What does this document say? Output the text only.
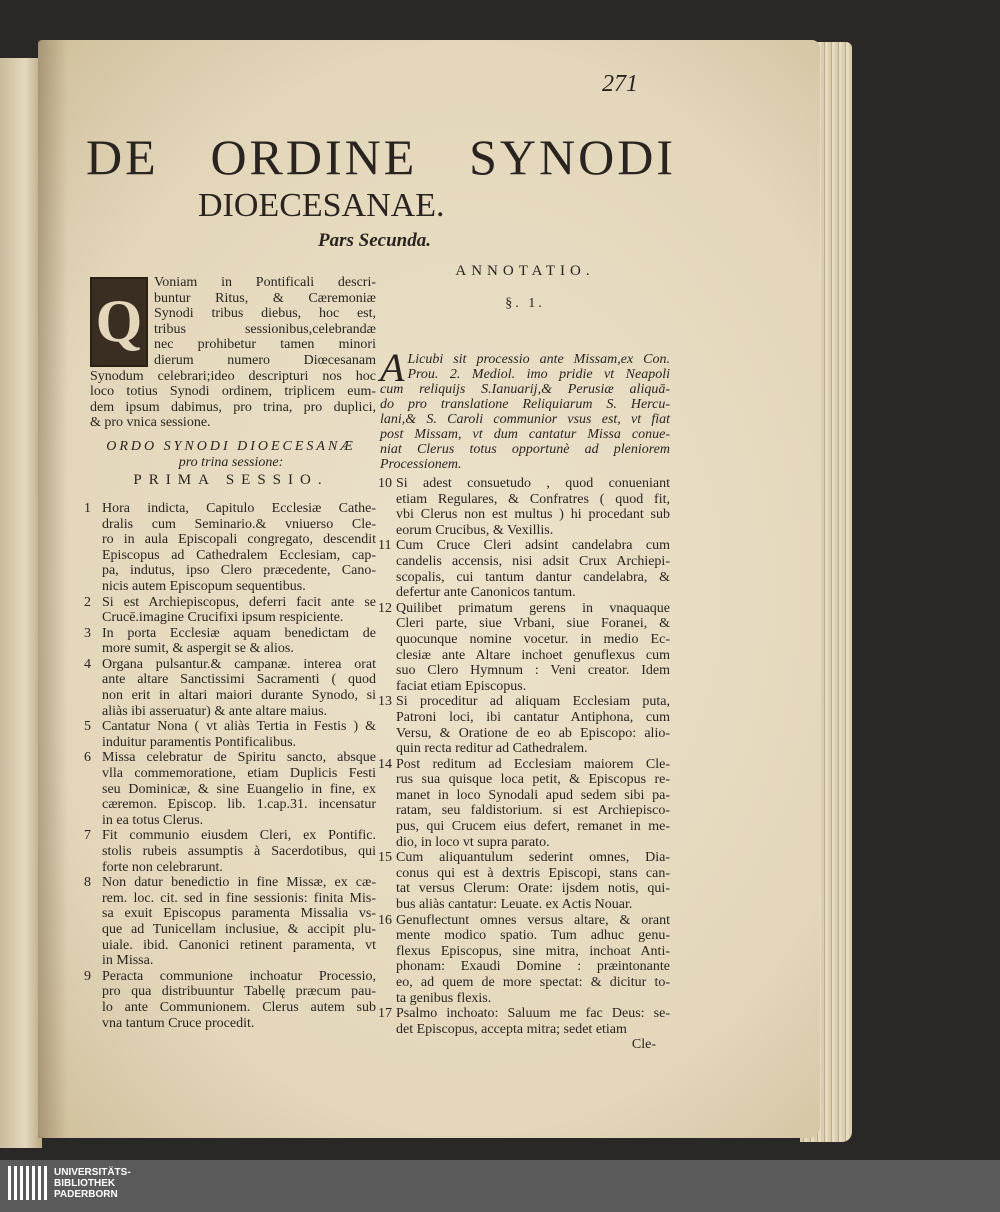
271
DE ORDINE SYNODI
DIOECESANAE.
Pars Secunda.
Q
Voniam in Pontificali descri-
buntur Ritus, & Cæremoniæ
Synodi tribus diebus, hoc est,
tribus sessionibus,celebrandæ
nec prohibetur tamen minori
dierum numero Diœcesanam
Synodum celebrari;ideo descripturi nos hoc
loco totius Synodi ordinem, triplicem eum-
dem ipsum dabimus, pro trina, pro duplici,
& pro vnica sessione.
ORDO SYNODI DIOECESANÆ
pro trina sessione:
PRIMA SESSIO.
1 Hora indicta, Capitulo Ecclesiæ Cathe-
dralis cum Seminario.& vniuerso Cle-
ro in aula Episcopali congregato, descendit
Episcopus ad Cathedralem Ecclesiam, cap-
pa, indutus, ipso Clero præcedente, Cano-
nicis autem Episcopum sequentibus.
2 Si est Archiepiscopus, deferri facit ante se
Crucē.imagine Crucifixi ipsum respiciente.
3 In porta Ecclesiæ aquam benedictam de
more sumit, & aspergit se & alios.
4 Organa pulsantur.& campanæ. interea orat
ante altare Sanctissimi Sacramenti ( quod
non erit in altari maiori durante Synodo, si
aliàs ibi asseruatur) & ante altare maius.
5 Cantatur Nona ( vt aliàs Tertia in Festis ) &
induitur paramentis Pontificalibus.
6 Missa celebratur de Spiritu sancto, absque
vlla commemoratione, etiam Duplicis Festi
seu Dominicæ, & sine Euangelio in fine, ex
cæremon. Episcop. lib. 1.cap.31. incensatur
in ea totus Clerus.
7 Fit communio eiusdem Cleri, ex Pontific.
stolis rubeis assumptis à Sacerdotibus, qui
forte non celebrarunt.
8 Non datur benedictio in fine Missæ, ex cæ-
rem. loc. cit. sed in fine sessionis: finita Mis-
sa exuit Episcopus paramenta Missalia vs-
que ad Tunicellam inclusiue, & accipit plu-
uiale. ibid. Canonici retinent paramenta, vt
in Missa.
9 Peracta communione inchoatur Processio,
pro qua distribuuntur Tabellę præcum pau-
lo ante Communionem. Clerus autem sub
vna tantum Cruce procedit.
ANNOTATIO.
§. 1.
A Licubi sit processio ante Missam,ex Con.
Prou. 2. Mediol. imo pridie vt Neapoli
cum reliquijs S.Ianuarij,& Perusiæ aliquā-
do pro translatione Reliquiarum S. Hercu-
lani,& S. Caroli communior vsus est, vt fiat
post Missam, vt dum cantatur Missa conue-
niat Clerus totus opportunè ad pleniorem
Processionem.
10 Si adest consuetudo , quod conueniant
etiam Regulares, & Confratres ( quod fit,
vbi Clerus non est multus ) hi procedant sub
eorum Crucibus, & Vexillis.
11 Cum Cruce Cleri adsint candelabra cum
candelis accensis, nisi adsit Crux Archiepi-
scopalis, cui tantum dantur candelabra, &
defertur ante Canonicos tantum.
12 Quilibet primatum gerens in vnaquaque
Cleri parte, siue Vrbani, siue Foranei, &
quocunque nomine vocetur. in medio Ec-
clesiæ ante Altare inchoet genuflexus cum
suo Clero Hymnum : Veni creator. Idem
faciat etiam Episcopus.
13 Si proceditur ad aliquam Ecclesiam puta,
Patroni loci, ibi cantatur Antiphona, cum
Versu, & Oratione de eo ab Episcopo: alio-
quin recta reditur ad Cathedralem.
14 Post reditum ad Ecclesiam maiorem Cle-
rus sua quisque loca petit, & Episcopus re-
manet in loco Synodali apud sedem sibi pa-
ratam, seu faldistorium. si est Archiepisco-
pus, qui Crucem eius defert, remanet in me-
dio, in loco vt supra parato.
15 Cum aliquantulum sederint omnes, Dia-
conus qui est à dextris Episcopi, stans can-
tat versus Clerum: Orate: ijsdem notis, qui-
bus aliàs cantatur: Leuate. ex Actis Nouar.
16 Genuflectunt omnes versus altare, & orant
mente modico spatio. Tum adhuc genu-
flexus Episcopus, sine mitra, inchoat Anti-
phonam: Exaudi Domine : præintonante
eo, ad quem de more spectat: & dicitur to-
ta genibus flexis.
17 Psalmo inchoato: Saluum me fac Deus: se-
det Episcopus, accepta mitra; sedet etiam
Cle-
UNIVERSITÄTS-
BIBLIOTHEK
PADERBORN
